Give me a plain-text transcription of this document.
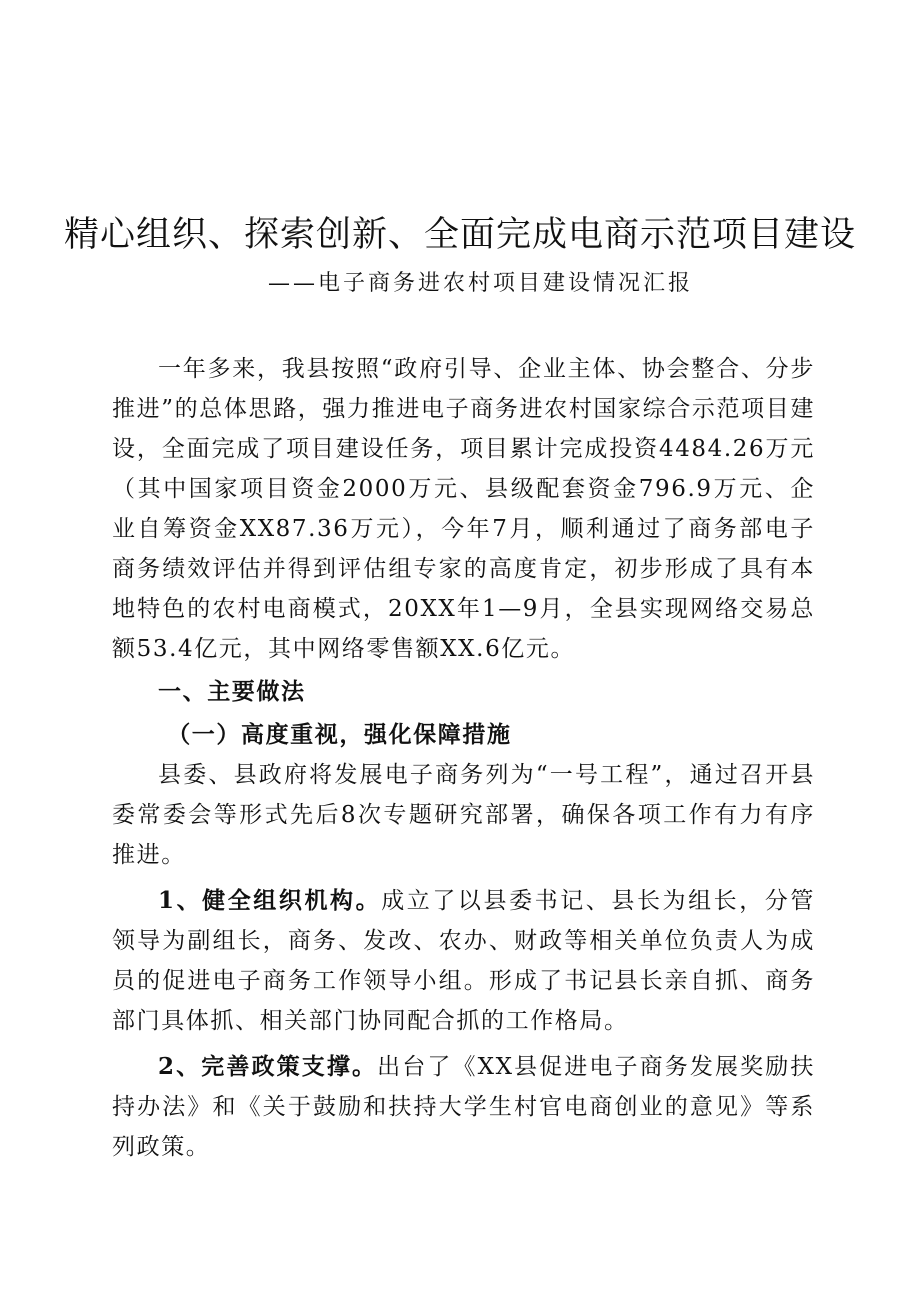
精心组织、探索创新、全面完成电商示范项目建设
——电子商务进农村项目建设情况汇报

一年多来，我县按照“政府引导、企业主体、协会整合、分步推进”的总体思路，强力推进电子商务进农村国家综合示范项目建设，全面完成了项目建设任务，项目累计完成投资4484.26万元（其中国家项目资金2000万元、县级配套资金796.9万元、企业自筹资金XX87.36万元），今年7月，顺利通过了商务部电子商务绩效评估并得到评估组专家的高度肯定，初步形成了具有本地特色的农村电商模式，20XX年1—9月，全县实现网络交易总额53.4亿元，其中网络零售额XX.6亿元。

一、主要做法

（一）高度重视，强化保障措施

县委、县政府将发展电子商务列为“一号工程”，通过召开县委常委会等形式先后8次专题研究部署，确保各项工作有力有序推进。

1、健全组织机构。成立了以县委书记、县长为组长，分管领导为副组长，商务、发改、农办、财政等相关单位负责人为成员的促进电子商务工作领导小组。形成了书记县长亲自抓、商务部门具体抓、相关部门协同配合抓的工作格局。

2、完善政策支撑。出台了《XX县促进电子商务发展奖励扶持办法》和《关于鼓励和扶持大学生村官电商创业的意见》等系列政策。
